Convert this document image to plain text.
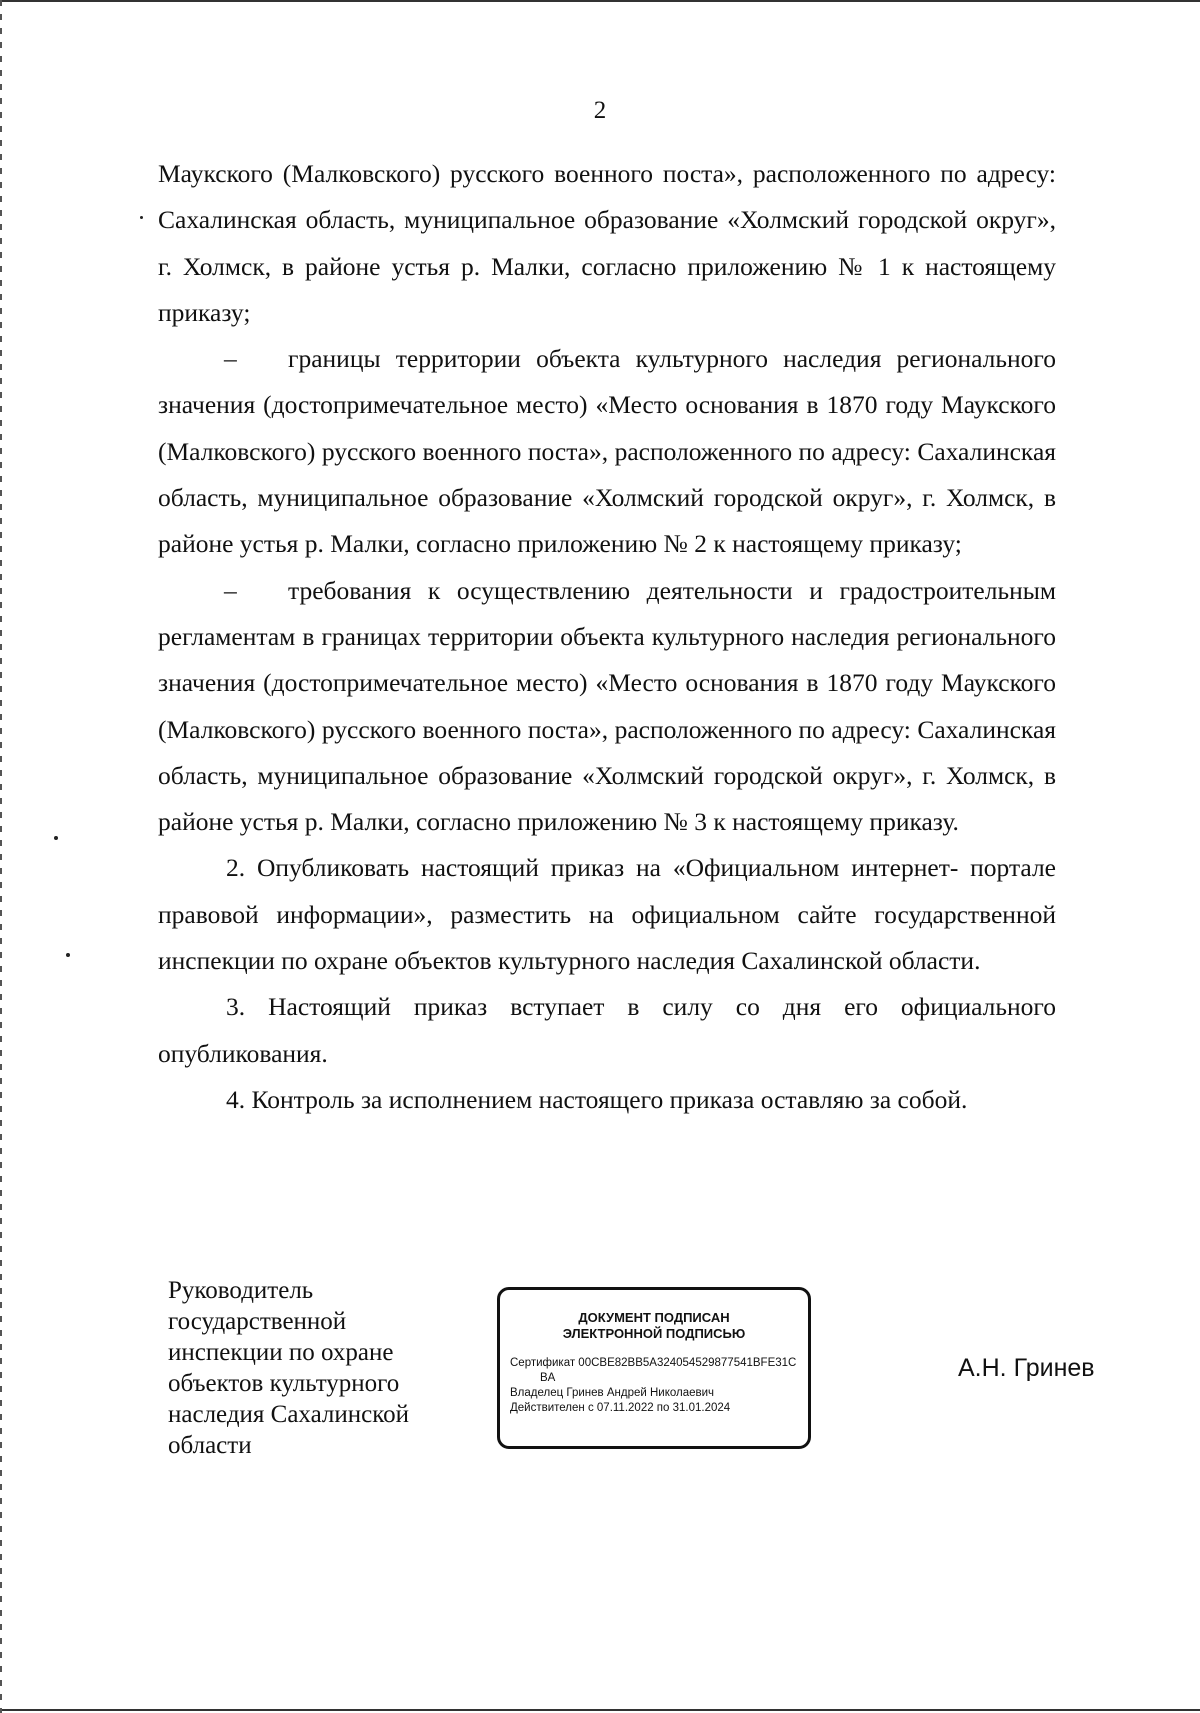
2

Маукского (Малковского) русского военного поста», расположенного по адресу: Сахалинская область, муниципальное образование «Холмский городской округ», г. Холмск, в районе устья р. Малки, согласно приложению № 1 к настоящему приказу;

– границы территории объекта культурного наследия регионального значения (достопримечательное место) «Место основания в 1870 году Маукского (Малковского) русского военного поста», расположенного по адресу: Сахалинская область, муниципальное образование «Холмский городской округ», г. Холмск, в районе устья р. Малки, согласно приложению № 2 к настоящему приказу;

– требования к осуществлению деятельности и градостроительным регламентам в границах территории объекта культурного наследия регионального значения (достопримечательное место) «Место основания в 1870 году Маукского (Малковского) русского военного поста», расположенного по адресу: Сахалинская область, муниципальное образование «Холмский городской округ», г. Холмск, в районе устья р. Малки, согласно приложению № 3 к настоящему приказу.

2. Опубликовать настоящий приказ на «Официальном интернет- портале правовой информации», разместить на официальном сайте государственной инспекции по охране объектов культурного наследия Сахалинской области.

3. Настоящий приказ вступает в силу со дня его официального опубликования.

4. Контроль за исполнением настоящего приказа оставляю за собой.

Руководитель
государственной
инспекции по охране
объектов культурного
наследия Сахалинской
области
ДОКУМЕНТ ПОДПИСАН
ЭЛЕКТРОННОЙ ПОДПИСЬЮ
Сертификат 00CBE82BB5A324054529877541BFE31C
BA
Владелец Гринев Андрей Николаевич
Действителен с 07.11.2022 по 31.01.2024
А.Н. Гринев
